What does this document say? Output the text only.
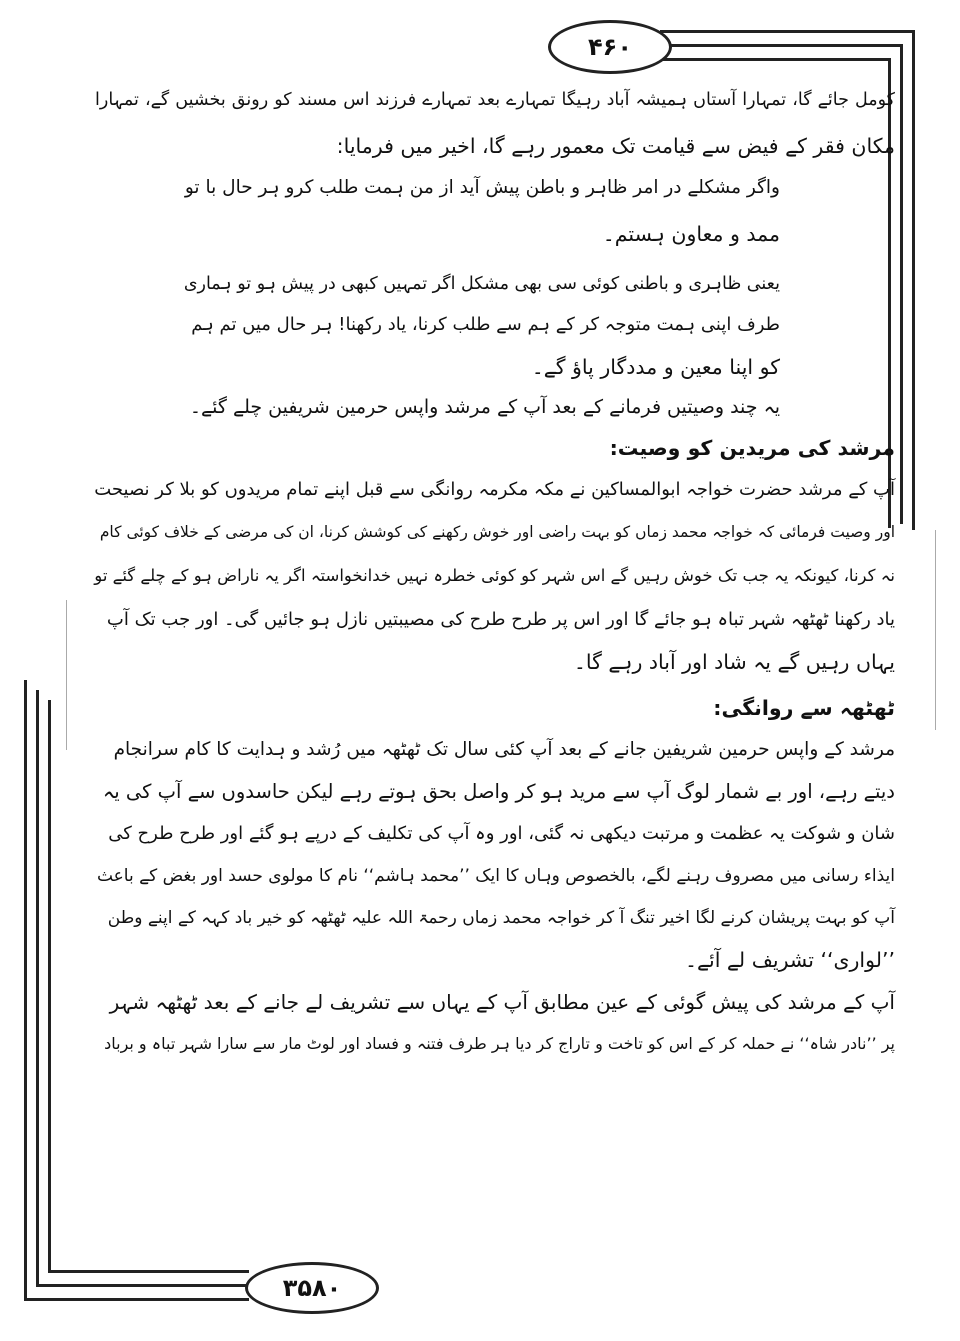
۴۶۰
۳۵۸۰
کومل جائے گا، تمہارا آستاں ہمیشہ آباد رہیگا تمہارے بعد تمہارے فرزند اس مسند کو رونق بخشیں گے، تمہارا
مکان فقر کے فیض سے قیامت تک معمور رہے گا، اخیر میں فرمایا:
واگر مشکلے در امر ظاہر و باطن پیش آید از من ہمت طلب کرو ہر حال با تو
ممد و معاون ہستم۔
یعنی ظاہری و باطنی کوئی سی بھی مشکل اگر تمہیں کبھی در پیش ہو تو ہماری
طرف اپنی ہمت متوجہ کر کے ہم سے طلب کرنا، یاد رکھنا! ہر حال میں تم ہم
کو اپنا معین و مددگار پاؤ گے۔
یہ چند وصیتیں فرمانے کے بعد آپ کے مرشد واپس حرمین شریفین چلے گئے۔
مرشد کی مریدین کو وصیت:
آپ کے مرشد حضرت خواجہ ابوالمساکین نے مکہ مکرمہ روانگی سے قبل اپنے تمام مریدوں کو بلا کر نصیحت
اور وصیت فرمائی کہ خواجہ محمد زماں کو بہت راضی اور خوش رکھنے کی کوشش کرنا، ان کی مرضی کے خلاف کوئی کام
نہ کرنا، کیونکہ یہ جب تک خوش رہیں گے اس شہر کو کوئی خطرہ نہیں خدانخواستہ اگر یہ ناراض ہو کے چلے گئے تو
یاد رکھنا ٹھٹھہ شہر تباہ ہو جائے گا اور اس پر طرح طرح کی مصیبتیں نازل ہو جائیں گی۔ اور جب تک آپ
یہاں رہیں گے یہ شاد اور آباد رہے گا۔
ٹھٹھہ سے روانگی:
مرشد کے واپس حرمین شریفین جانے کے بعد آپ کئی سال تک ٹھٹھہ میں رُشد و ہدایت کا کام سرانجام
دیتے رہے، اور بے شمار لوگ آپ سے مرید ہو کر واصل بحق ہوتے رہے لیکن حاسدوں سے آپ کی یہ
شان و شوکت یہ عظمت و مرتبت دیکھی نہ گئی، اور وہ آپ کی تکلیف کے درپے ہو گئے اور طرح طرح کی
ایذاء رسانی میں مصروف رہنے لگے، بالخصوص وہاں کا ایک ’’محمد ہاشم‘‘ نام کا مولوی حسد اور بغض کے باعث
آپ کو بہت پریشان کرنے لگا اخیر تنگ آ کر خواجہ محمد زماں رحمۃ اللہ علیہ ٹھٹھہ کو خیر باد کہہ کے اپنے وطن
’’لواری‘‘ تشریف لے آئے۔
آپ کے مرشد کی پیش گوئی کے عین مطابق آپ کے یہاں سے تشریف لے جانے کے بعد ٹھٹھہ شہر
پر ’’نادر شاہ‘‘ نے حملہ کر کے اس کو تاخت و تاراج کر دیا ہر طرف فتنہ و فساد اور لوٹ مار سے سارا شہر تباہ و برباد
